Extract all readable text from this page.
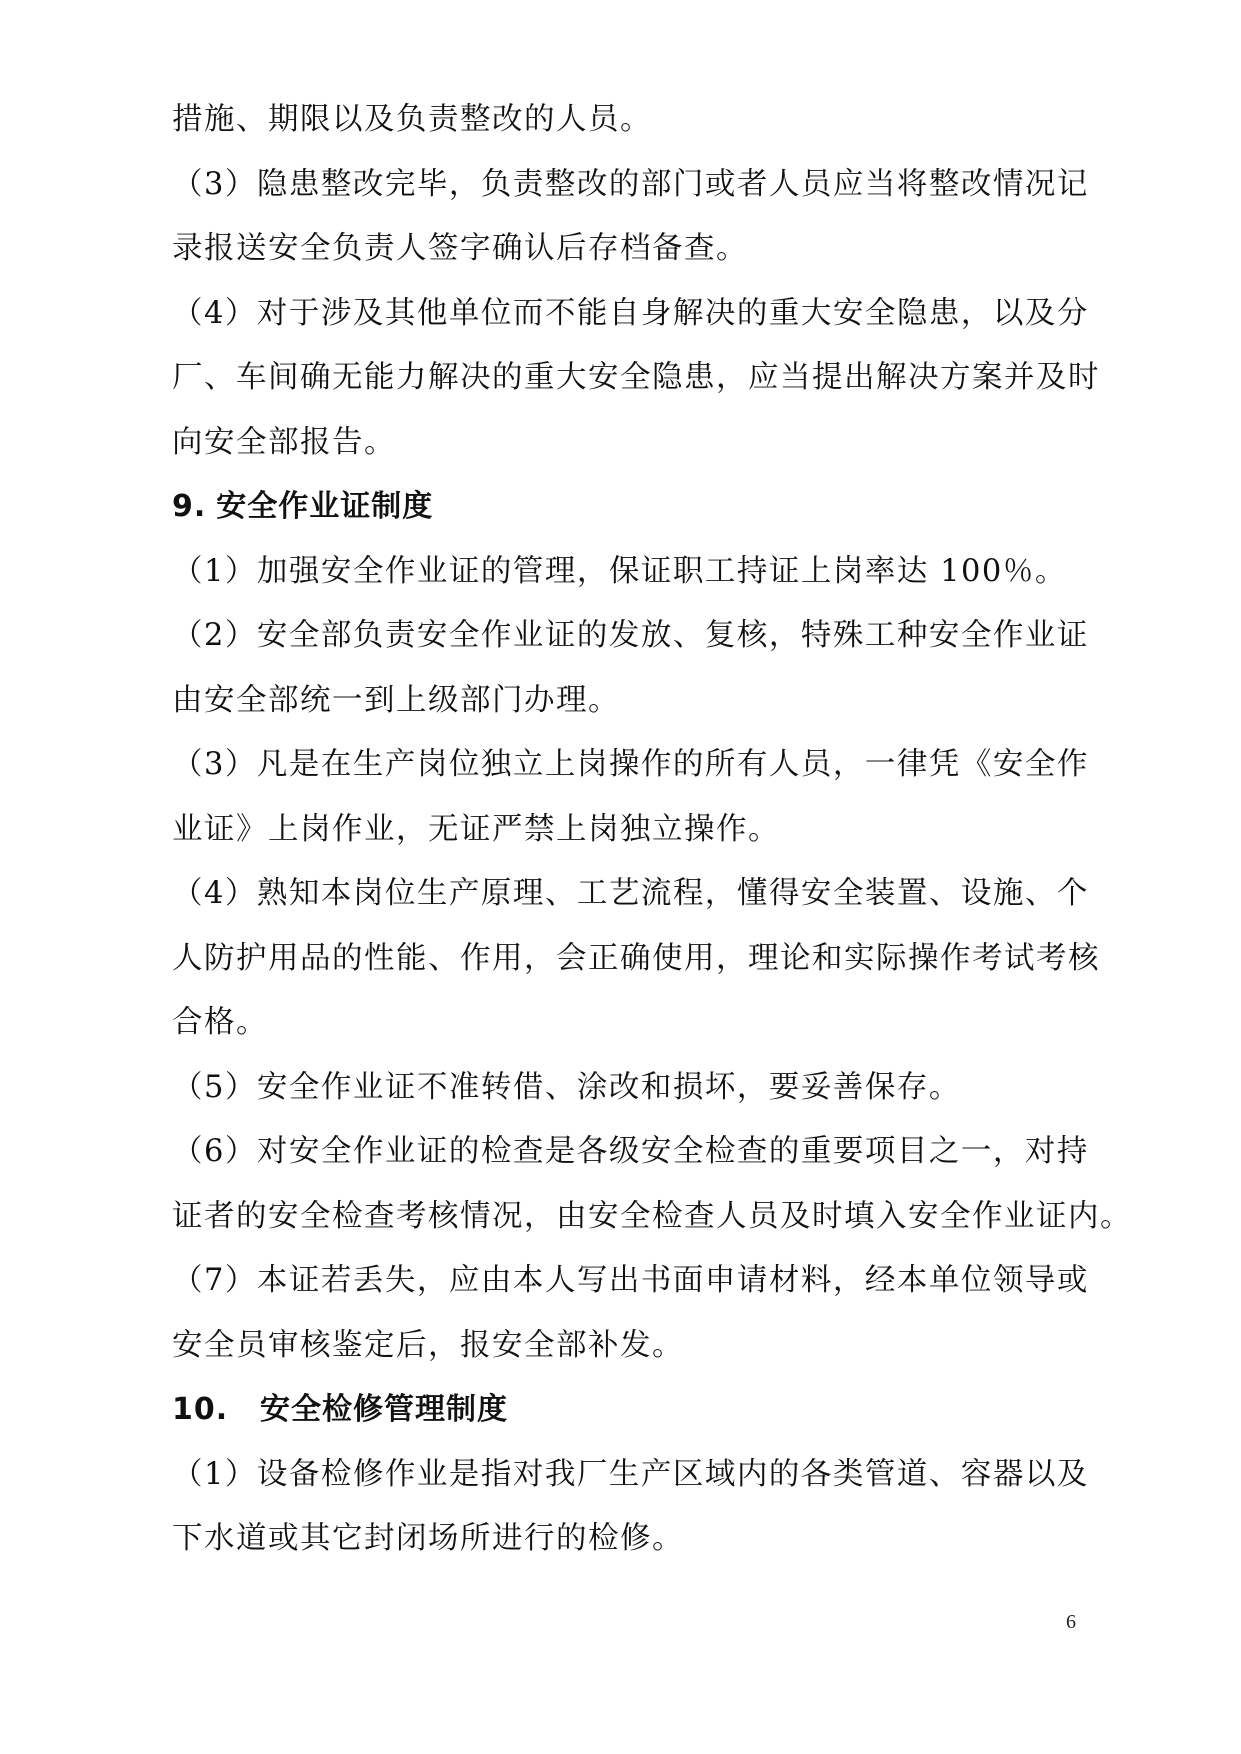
措施、期限以及负责整改的人员。
（3）隐患整改完毕，负责整改的部门或者人员应当将整改情况记
录报送安全负责人签字确认后存档备查。
（4）对于涉及其他单位而不能自身解决的重大安全隐患，以及分
厂、车间确无能力解决的重大安全隐患，应当提出解决方案并及时
向安全部报告。
9. 安全作业证制度
（1）加强安全作业证的管理，保证职工持证上岗率达 100％。
（2）安全部负责安全作业证的发放、复核，特殊工种安全作业证
由安全部统一到上级部门办理。
（3）凡是在生产岗位独立上岗操作的所有人员，一律凭《安全作
业证》上岗作业，无证严禁上岗独立操作。
（4）熟知本岗位生产原理、工艺流程，懂得安全装置、设施、个
人防护用品的性能、作用，会正确使用，理论和实际操作考试考核
合格。
（5）安全作业证不准转借、涂改和损坏，要妥善保存。
（6）对安全作业证的检查是各级安全检查的重要项目之一，对持
证者的安全检查考核情况，由安全检查人员及时填入安全作业证内。
（7）本证若丢失，应由本人写出书面申请材料，经本单位领导或
安全员审核鉴定后，报安全部补发。
10. 安全检修管理制度
（1）设备检修作业是指对我厂生产区域内的各类管道、容器以及
下水道或其它封闭场所进行的检修。
6
